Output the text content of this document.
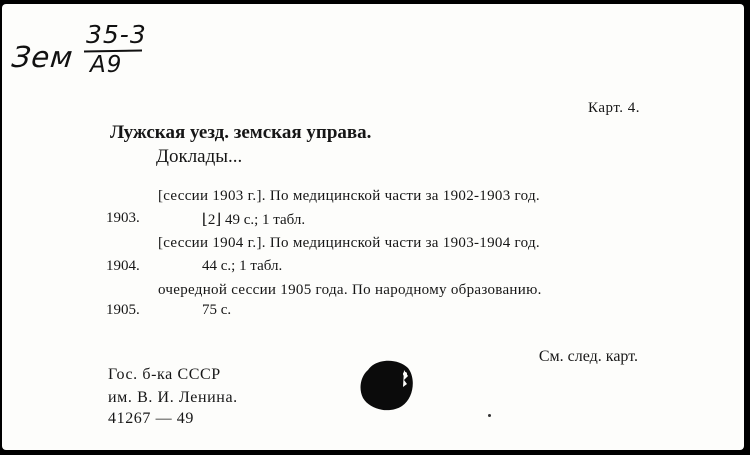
Зем
35-3
А9
Карт. 4.
Лужская уезд. земская управа.
Доклады...
[сессии 1903 г.]. По медицинской части за 1902-1903 год.
1903.	⌊2⌋ 49 с.; 1 табл.
[сессии 1904 г.]. По медицинской части за 1903-1904 год.
1904.	44 с.; 1 табл.
очередной сессии 1905 года. По народному образованию.
1905.	75 с.
См. след. карт.
Гос. б-ка СССР
им. В. И. Ленина.
41267 — 49
